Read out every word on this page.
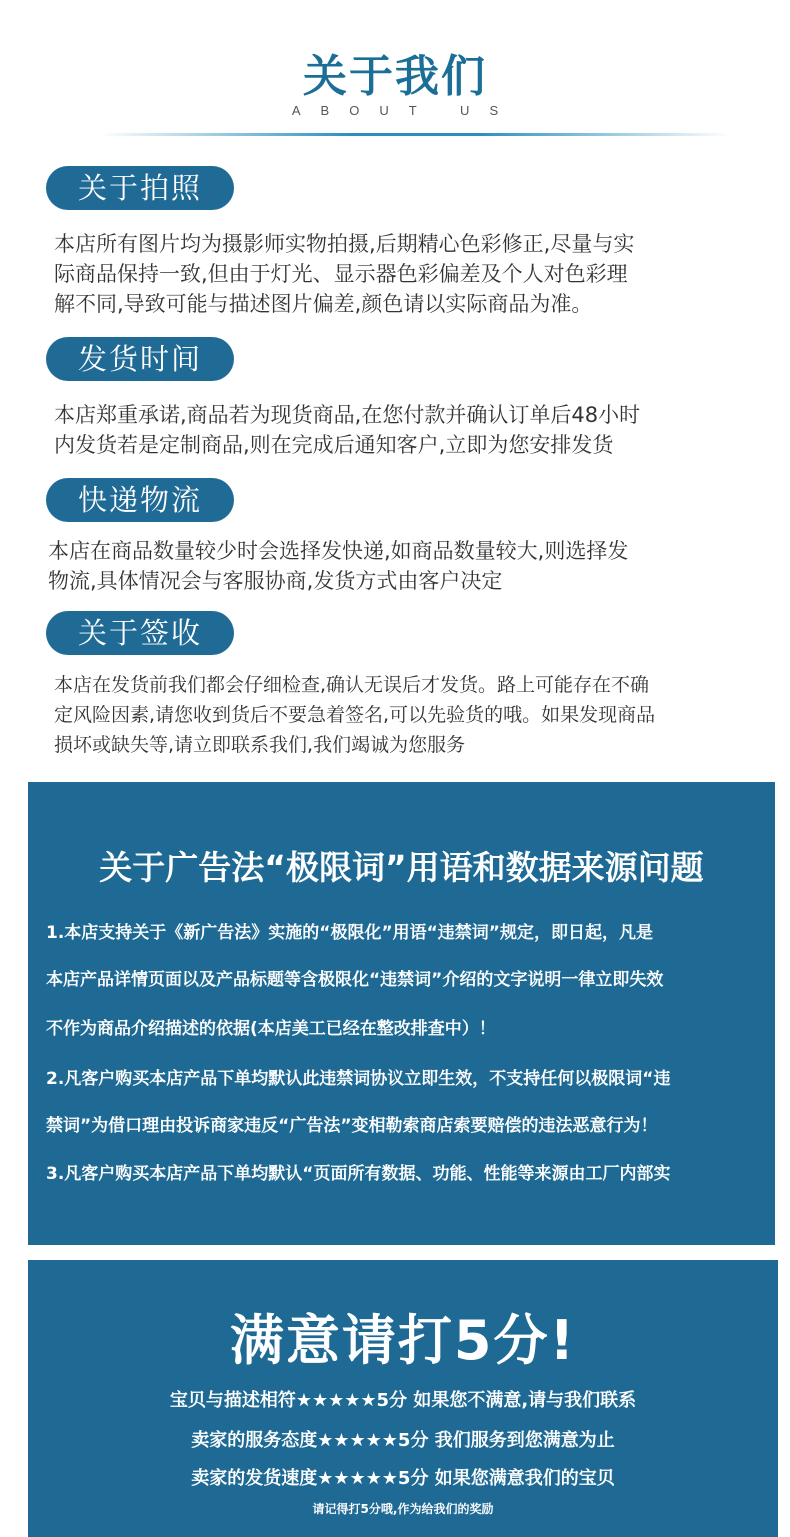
关于我们
ABOUT US
关于拍照
本店所有图片均为摄影师实物拍摄,后期精心色彩修正,尽量与实
际商品保持一致,但由于灯光、显示器色彩偏差及个人对色彩理
解不同,导致可能与描述图片偏差,颜色请以实际商品为准。
发货时间
本店郑重承诺,商品若为现货商品,在您付款并确认订单后48小时
内发货若是定制商品,则在完成后通知客户,立即为您安排发货
快递物流
本店在商品数量较少时会选择发快递,如商品数量较大,则选择发
物流,具体情况会与客服协商,发货方式由客户决定
关于签收
本店在发货前我们都会仔细检查,确认无误后才发货。路上可能存在不确
定风险因素,请您收到货后不要急着签名,可以先验货的哦。如果发现商品
损坏或缺失等,请立即联系我们,我们竭诚为您服务
关于广告法“极限词”用语和数据来源问题
1.本店支持关于《新广告法》实施的“极限化”用语“违禁词”规定，即日起，凡是
本店产品详情页面以及产品标题等含极限化“违禁词”介绍的文字说明一律立即失效
不作为商品介绍描述的依据(本店美工已经在整改排查中）！
2.凡客户购买本店产品下单均默认此违禁词协议立即生效，不支持任何以极限词“违
禁词”为借口理由投诉商家违反“广告法”变相勒索商店索要赔偿的违法恶意行为！
3.凡客户购买本店产品下单均默认“页面所有数据、功能、性能等来源由工厂内部实
满意请打5分!
宝贝与描述相符★★★★★5分 如果您不满意,请与我们联系
卖家的服务态度★★★★★5分 我们服务到您满意为止
卖家的发货速度★★★★★5分 如果您满意我们的宝贝
请记得打5分哦,作为给我们的奖励
